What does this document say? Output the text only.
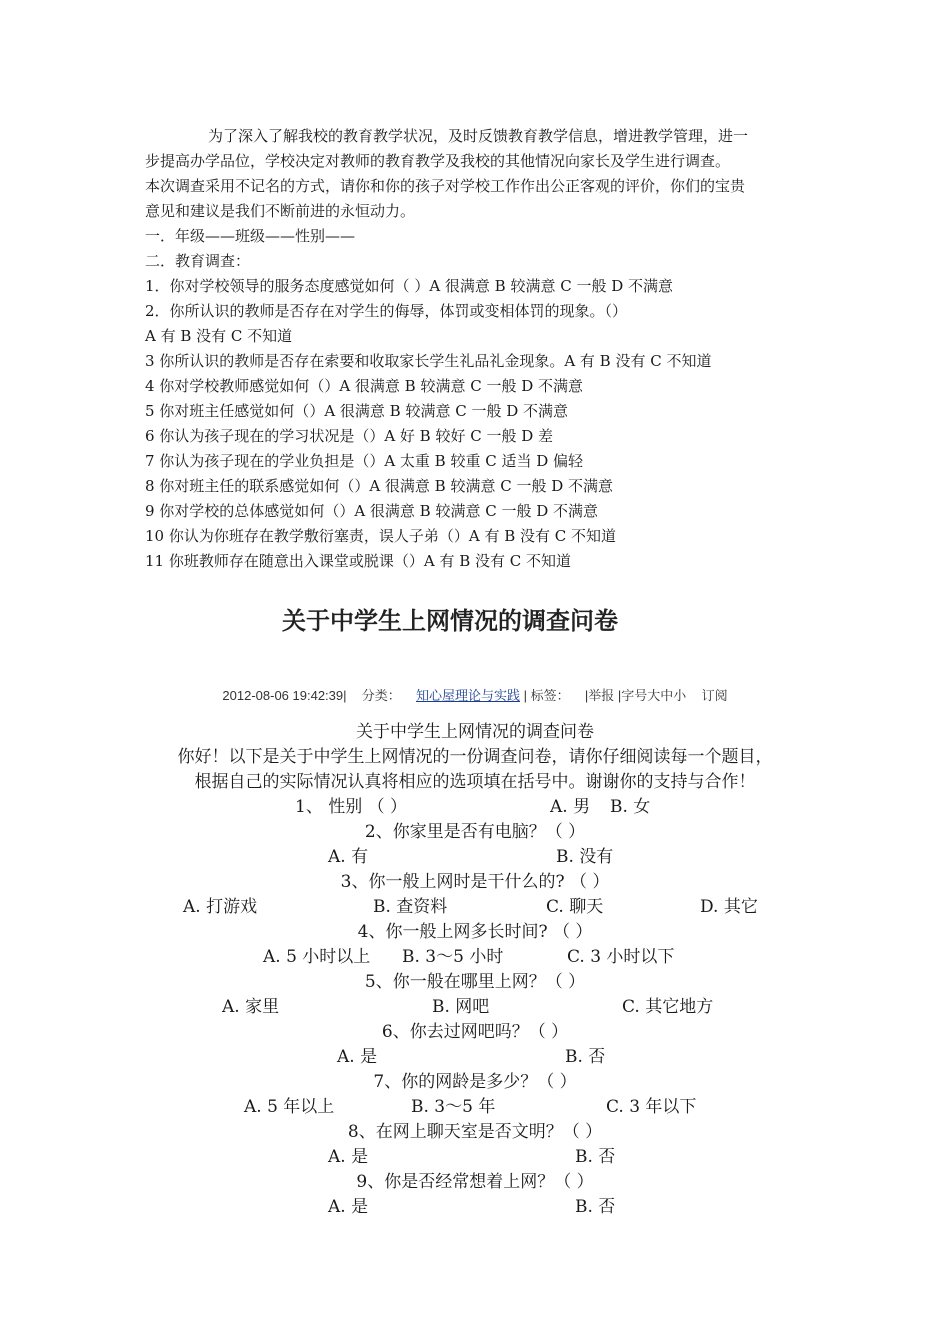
为了深入了解我校的教育教学状况，及时反馈教育教学信息，增进教学管理，进一
步提高办学品位，学校决定对教师的教育教学及我校的其他情况向家长及学生进行调查。
本次调查采用不记名的方式，请你和你的孩子对学校工作作出公正客观的评价，你们的宝贵
意见和建议是我们不断前进的永恒动力。
一．年级——班级——性别——
二．教育调查：
1．你对学校领导的服务态度感觉如何（ ）A 很满意 B 较满意 C 一般 D 不满意
2．你所认识的教师是否存在对学生的侮辱，体罚或变相体罚的现象。（）
A 有 B 没有 C 不知道
3 你所认识的教师是否存在索要和收取家长学生礼品礼金现象。A 有 B 没有 C 不知道
4 你对学校教师感觉如何（）A 很满意 B 较满意 C 一般 D 不满意
5 你对班主任感觉如何（）A 很满意 B 较满意 C 一般 D 不满意
6 你认为孩子现在的学习状况是（）A 好 B 较好 C 一般 D 差
7 你认为孩子现在的学业负担是（）A 太重 B 较重 C 适当 D 偏轻
8 你对班主任的联系感觉如何（）A 很满意 B 较满意 C 一般 D 不满意
9 你对学校的总体感觉如何（）A 很满意 B 较满意 C 一般 D 不满意
10 你认为你班存在教学敷衍塞责，误人子弟（）A 有 B 没有 C 不知道
11 你班教师存在随意出入课堂或脱课（）A 有 B 没有 C 不知道
关于中学生上网情况的调查问卷
2012-08-06 19:42:39| 分类： 知心屋理论与实践 | 标签： |举报 |字号大中小 订阅
关于中学生上网情况的调查问卷
你好！以下是关于中学生上网情况的一份调查问卷，请你仔细阅读每一个题目，
根据自己的实际情况认真将相应的选项填在括号中。谢谢你的支持与合作！
1、 性别 （ ）	A. 男 B. 女
2、你家里是否有电脑？（ ）
A. 有	B. 没有
3、你一般上网时是干什么的? （ ）
A. 打游戏	B. 查资料	C. 聊天	D. 其它
4、你一般上网多长时间? （ ）
A. 5 小时以上 B. 3～5 小时	C. 3 小时以下
5、你一般在哪里上网？（ ）
A. 家里	B. 网吧	C. 其它地方
6、你去过网吧吗？（ ）
A. 是	B. 否
7、你的网龄是多少？（ ）
A. 5 年以上	B. 3～5 年	C. 3 年以下
8、在网上聊天室是否文明？（ ）
A. 是	B. 否
9、你是否经常想着上网？（ ）
A. 是	B. 否
